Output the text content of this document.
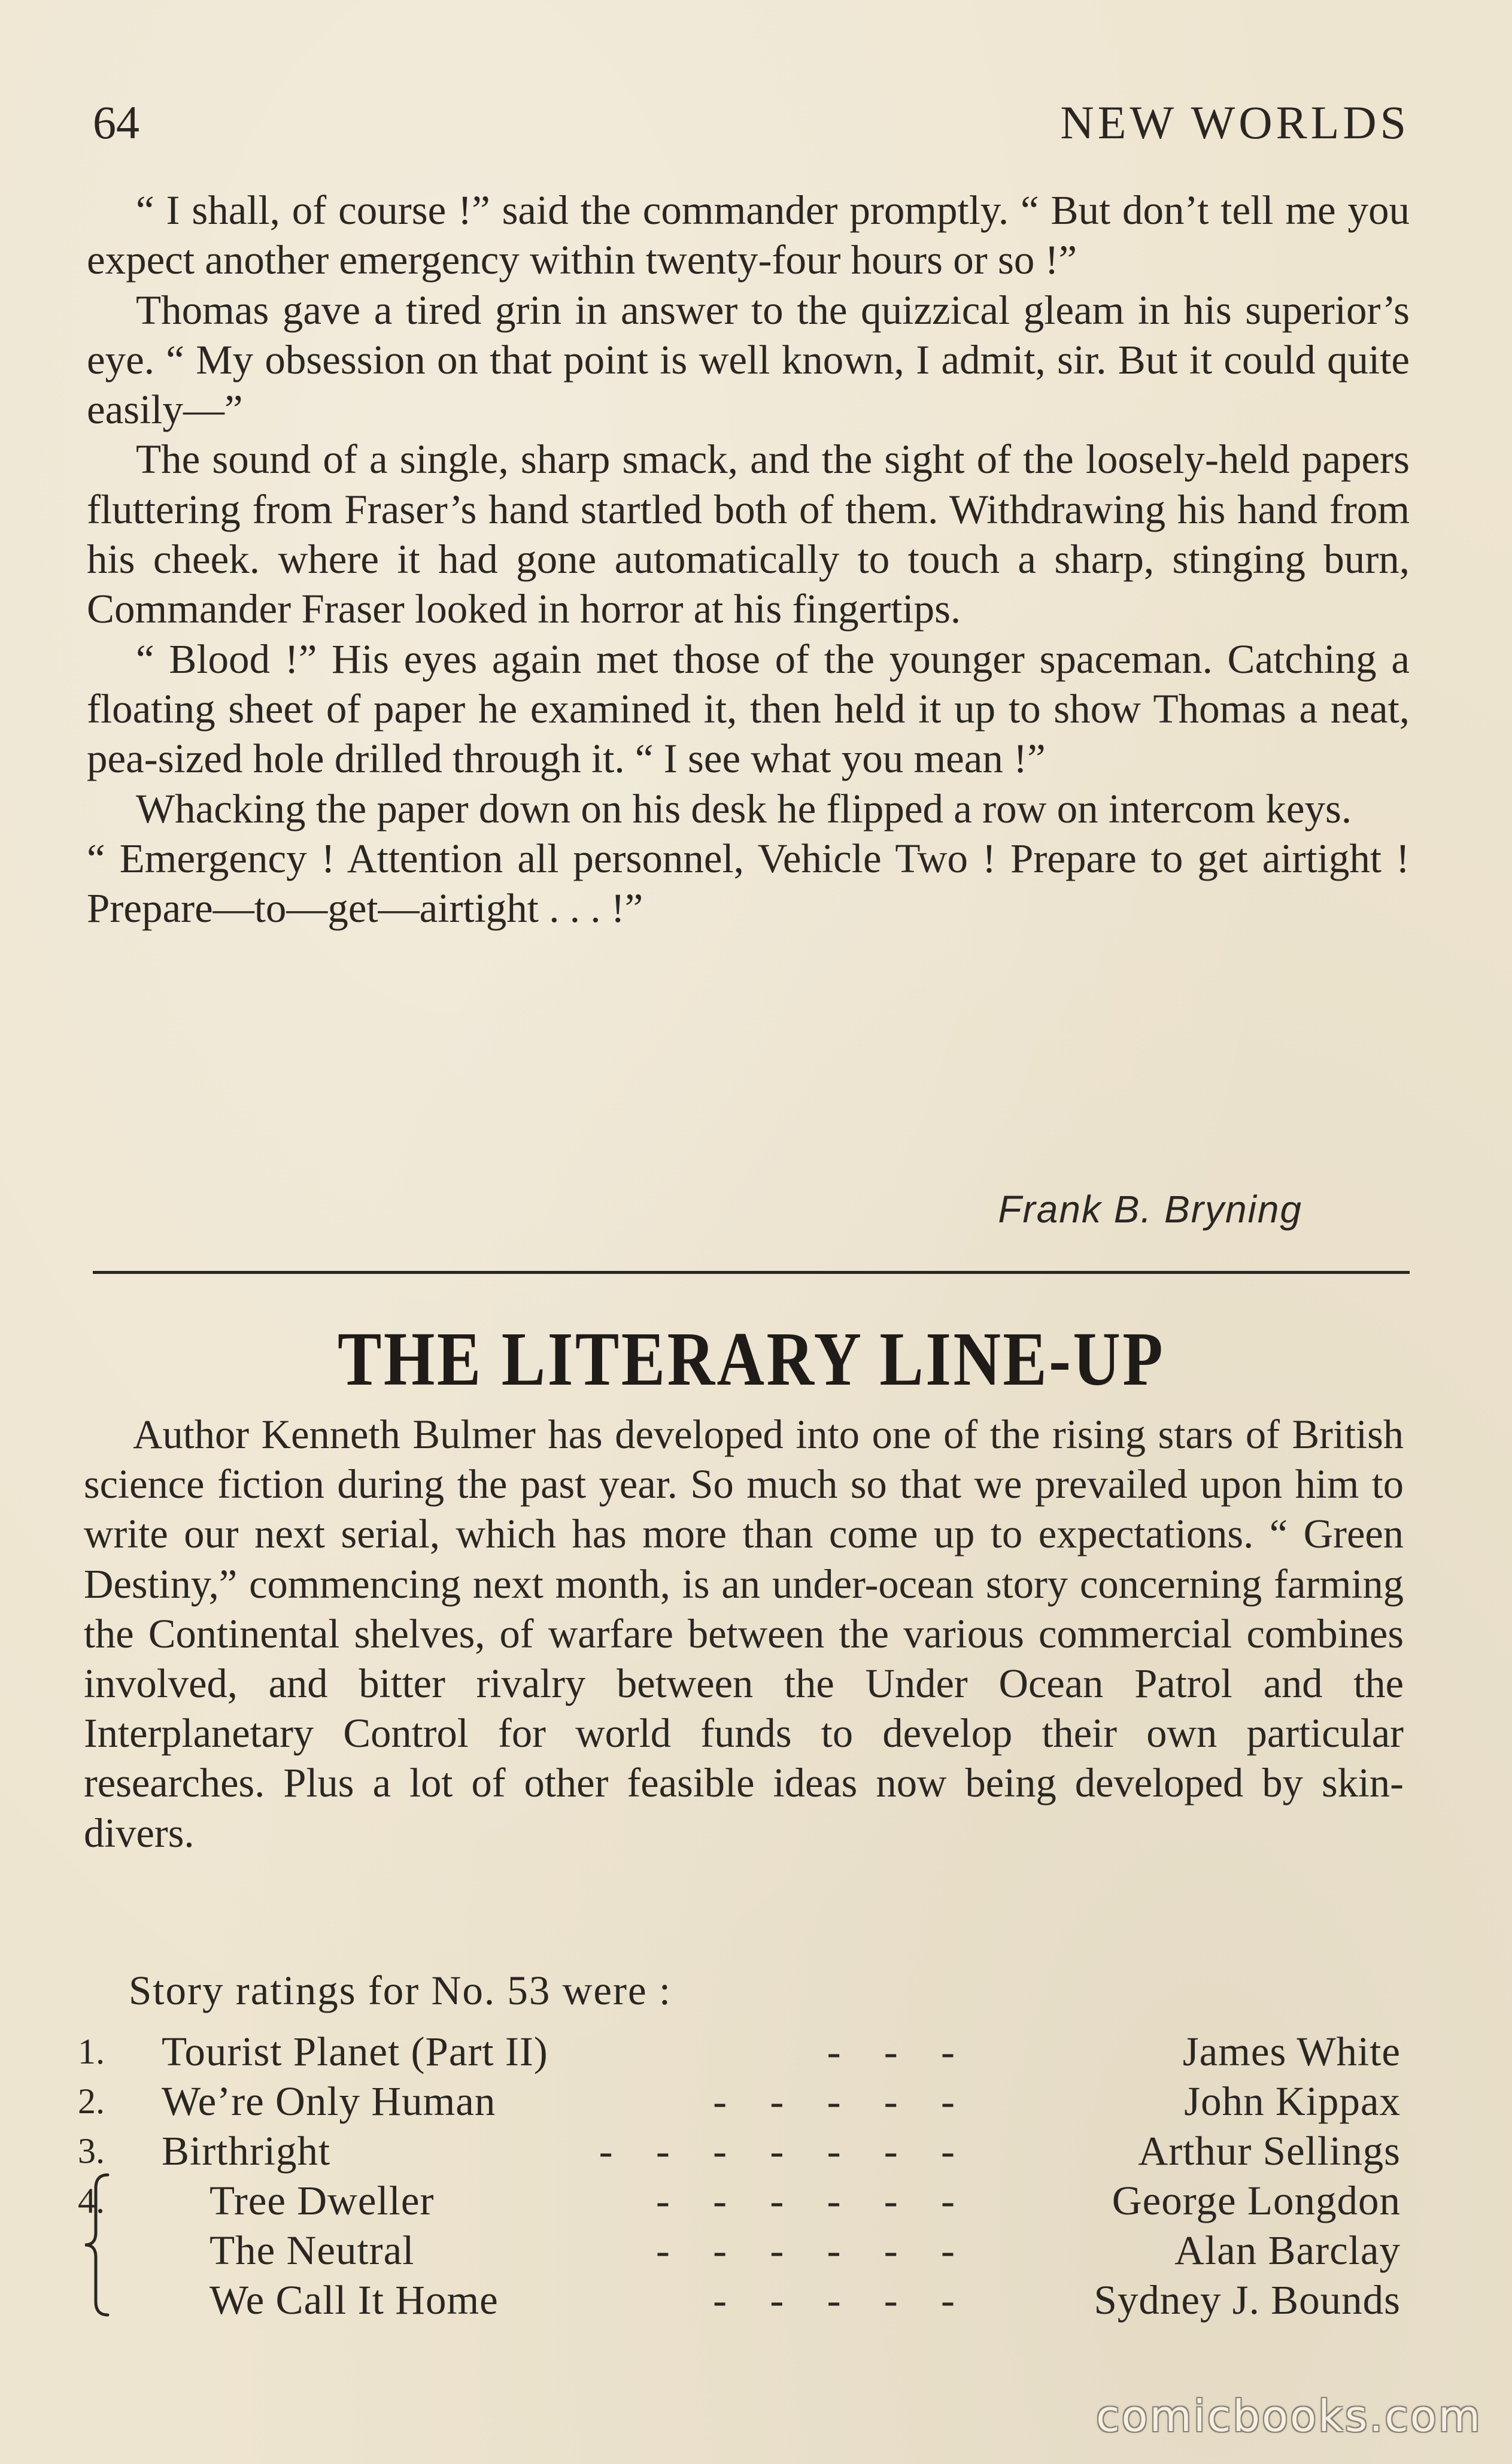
64	NEW WORLDS

“ I shall, of course !” said the commander promptly. “ But don’t tell me you expect another emergency within twenty-four hours or so !”

Thomas gave a tired grin in answer to the quizzical gleam in his superior’s eye. “ My obsession on that point is well known, I admit, sir. But it could quite easily—”

The sound of a single, sharp smack, and the sight of the loosely-held papers fluttering from Fraser’s hand startled both of them. Withdrawing his hand from his cheek. where it had gone automatically to touch a sharp, stinging burn, Commander Fraser looked in horror at his fingertips.

“ Blood !” His eyes again met those of the younger spaceman. Catching a floating sheet of paper he examined it, then held it up to show Thomas a neat, pea-sized hole drilled through it. “ I see what you mean !”

Whacking the paper down on his desk he flipped a row on intercom keys.

“ Emergency ! Attention all personnel, Vehicle Two ! Prepare to get airtight ! Prepare—to—get—airtight . . . !”

Frank B. Bryning
THE LITERARY LINE-UP

Author Kenneth Bulmer has developed into one of the rising stars of British science fiction during the past year. So much so that we prevailed upon him to write our next serial, which has more than come up to expectations. “ Green Destiny,” commencing next month, is an under-ocean story concerning farming the Continental shelves, of warfare between the various commercial combines involved, and bitter rivalry between the Under Ocean Patrol and the Interplanetary Control for world funds to develop their own particular researches. Plus a lot of other feasible ideas now being developed by skin-divers.

Story ratings for No. 53 were :
1.	Tourist Planet (Part II)	- - -	James White
2.	We’re Only Human	- - - - -	John Kippax
3.	Birthright	- - - - - - -	Arthur Sellings
4.	Tree Dweller	- - - - - -	George Longdon
The Neutral	- - - - - -	Alan Barclay
We Call It Home	- - - - -	Sydney J. Bounds
comicbooks.com
